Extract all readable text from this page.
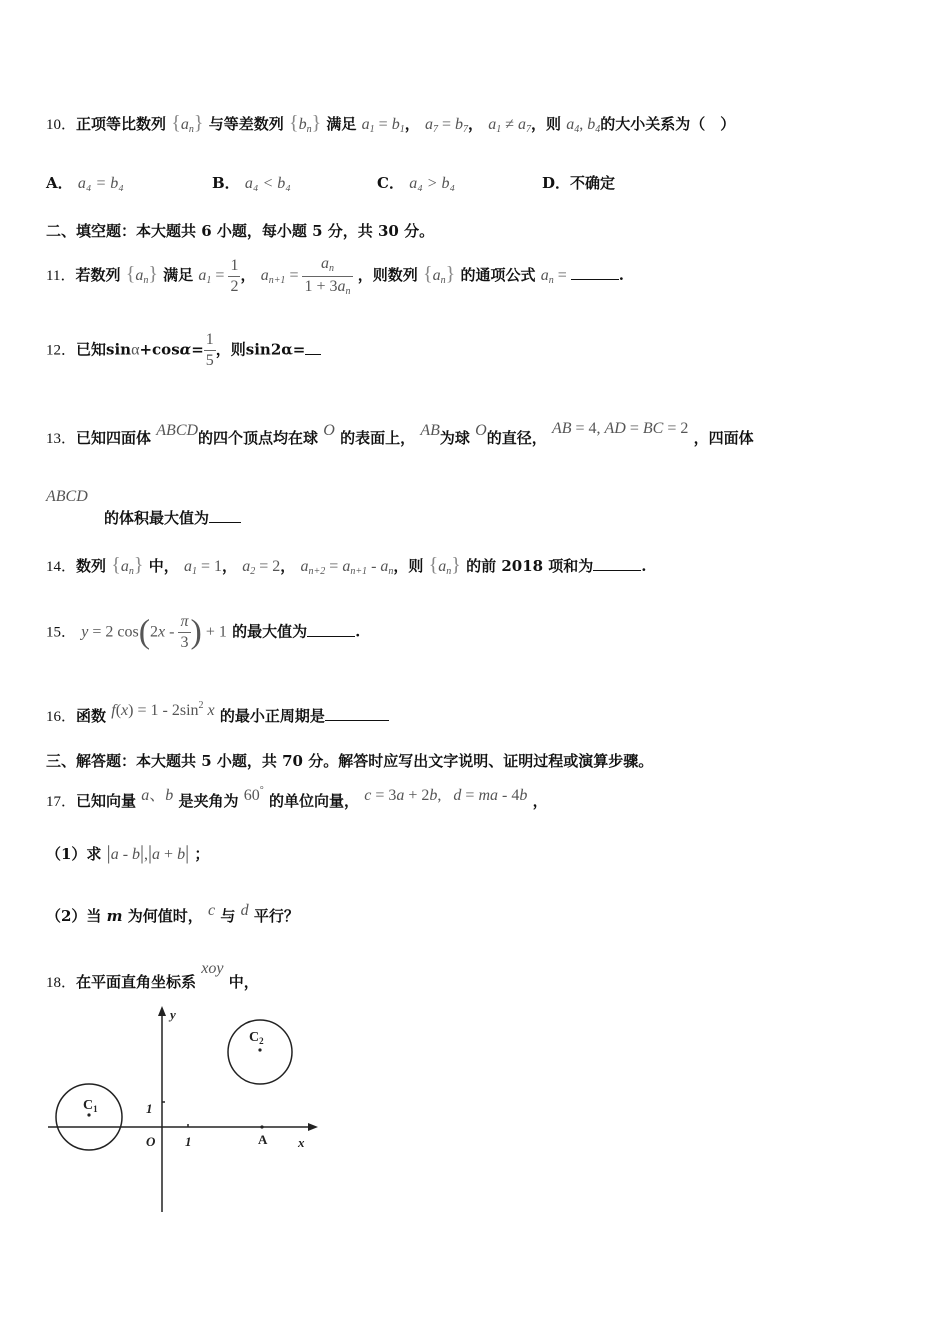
10．正项等比数列 $\{a_n\}$ 与等差数列 $\{b_n\}$ 满足 $a_1 = b_1$， $a_7 = b_7$， $a_1 \ne a_7$，则 $a_4$, $b_4$的大小关系为（　）
A． a₄ = b₄	B． a₄ < b₄	C． a₄ > b₄	D．不确定
二、填空题：本大题共 6 小题，每小题 5 分，共 30 分。
11．若数列 $\{a_n\}$ 满足 $a_1 = \frac{1}{2}$ ， $a_{n+1} = \frac{a_n}{1 + 3a_n}$ ，则数列 $\{a_n\}$ 的通项公式 $a_n$ =	.
12．已知$\sin\alpha+\cos\alpha= \frac{1}{5}$ ，则sin2α=
13．已知四面体 ABCD的四个顶点均在球 O 的表面上， AB为球 O的直径， AB = 4, AD = BC = 2 ，四面体
ABCD
的体积最大值为
14．数列 $\{a_n\}$ 中， $a_1 = 1$， $a_2 = 2$， $a_{n+2} = a_{n+1} - a_n$，则 $\{a_n\}$ 的前 2018 项和为	.
15． y = 2 $\cos(2x - \frac{\pi}{3}$ ) + 1 的最大值为	.
16．函数 $f(x) = 1 - 2\sin^2$ x 的最小正周期是
三、解答题：本大题共 5 小题，共 70 分。解答时应写出文字说明、证明过程或演算步骤。
17．已知向量 a、b 是夹角为 60° 的单位向量， c = 3a + 2b,   d = ma - 4b ，
（1）求 |a - b|,|a + b| ；
（2）当 m 为何值时， c 与 d 平行？
18．在平面直角坐标系 xoy 中，
y
x
O 1
1
A
$C_1$
$C_2$
